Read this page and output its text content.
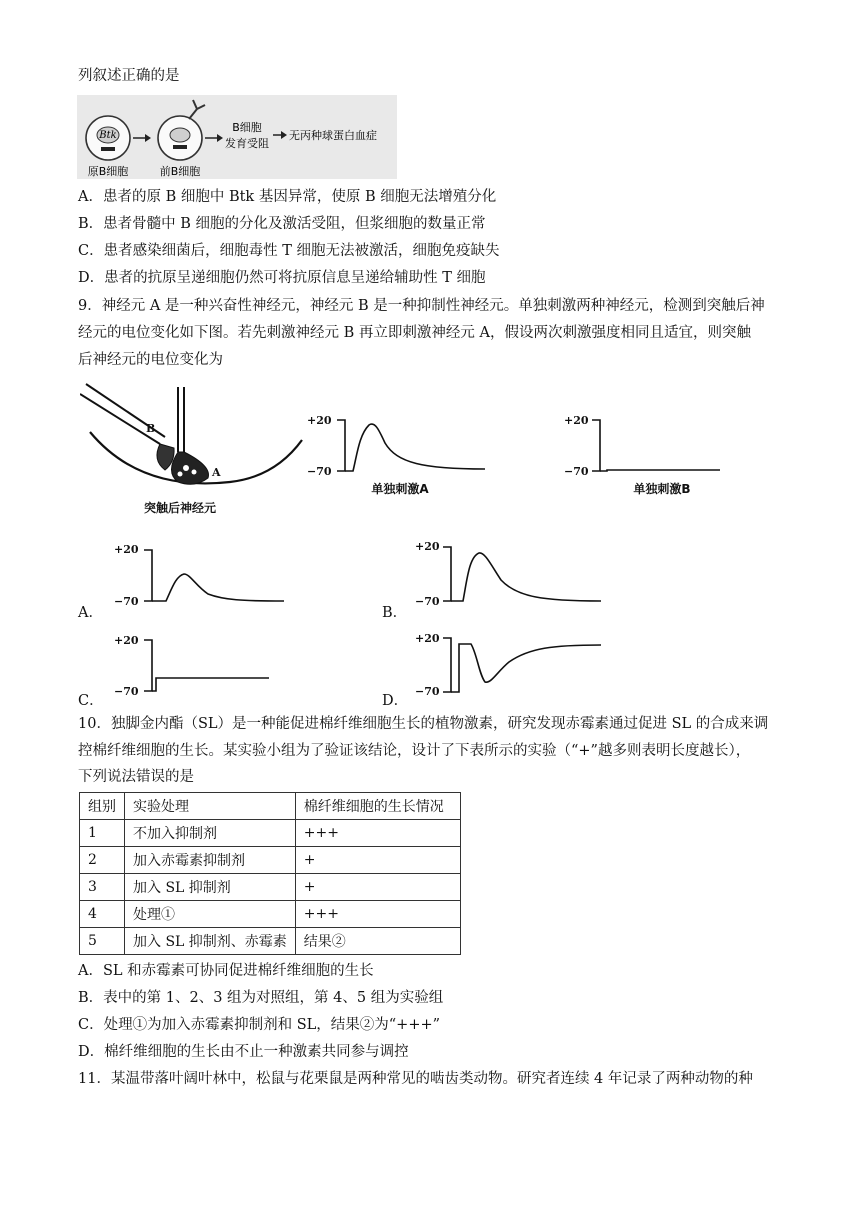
列叙述正确的是
Btk
原B细胞	前B细胞
B细胞
发育受阻
无丙种球蛋白血症
A．患者的原 B 细胞中 Btk 基因异常，使原 B 细胞无法增殖分化
B．患者骨髓中 B 细胞的分化及激活受阻，但浆细胞的数量正常
C．患者感染细菌后，细胞毒性 T 细胞无法被激活，细胞免疫缺失
D．患者的抗原呈递细胞仍然可将抗原信息呈递给辅助性 T 细胞
9．神经元 A 是一种兴奋性神经元，神经元 B 是一种抑制性神经元。单独刺激两种神经元，检测到突触后神
经元的电位变化如下图。若先刺激神经元 B 再立即刺激神经元 A，假设两次刺激强度相同且适宜，则突触
后神经元的电位变化为
B
A
突触后神经元
+20
−70
单独刺激A
+20
−70
单独刺激B
A．
+20
−70
B．
+20
−70
C．
+20
−70
D．
+20
−70
10．独脚金内酯（SL）是一种能促进棉纤维细胞生长的植物激素，研究发现赤霉素通过促进 SL 的合成来调
控棉纤维细胞的生长。某实验小组为了验证该结论，设计了下表所示的实验（“+”越多则表明长度越长），
下列说法错误的是
组别	实验处理	棉纤维细胞的生长情况
1	不加入抑制剂	+++
2	加入赤霉素抑制剂	+
3	加入 SL 抑制剂	+
4	处理①	+++
5	加入 SL 抑制剂、赤霉素	结果②
A．SL 和赤霉素可协同促进棉纤维细胞的生长
B．表中的第 1、2、3 组为对照组，第 4、5 组为实验组
C．处理①为加入赤霉素抑制剂和 SL，结果②为“+++”
D．棉纤维细胞的生长由不止一种激素共同参与调控
11．某温带落叶阔叶林中，松鼠与花栗鼠是两种常见的啮齿类动物。研究者连续 4 年记录了两种动物的种
